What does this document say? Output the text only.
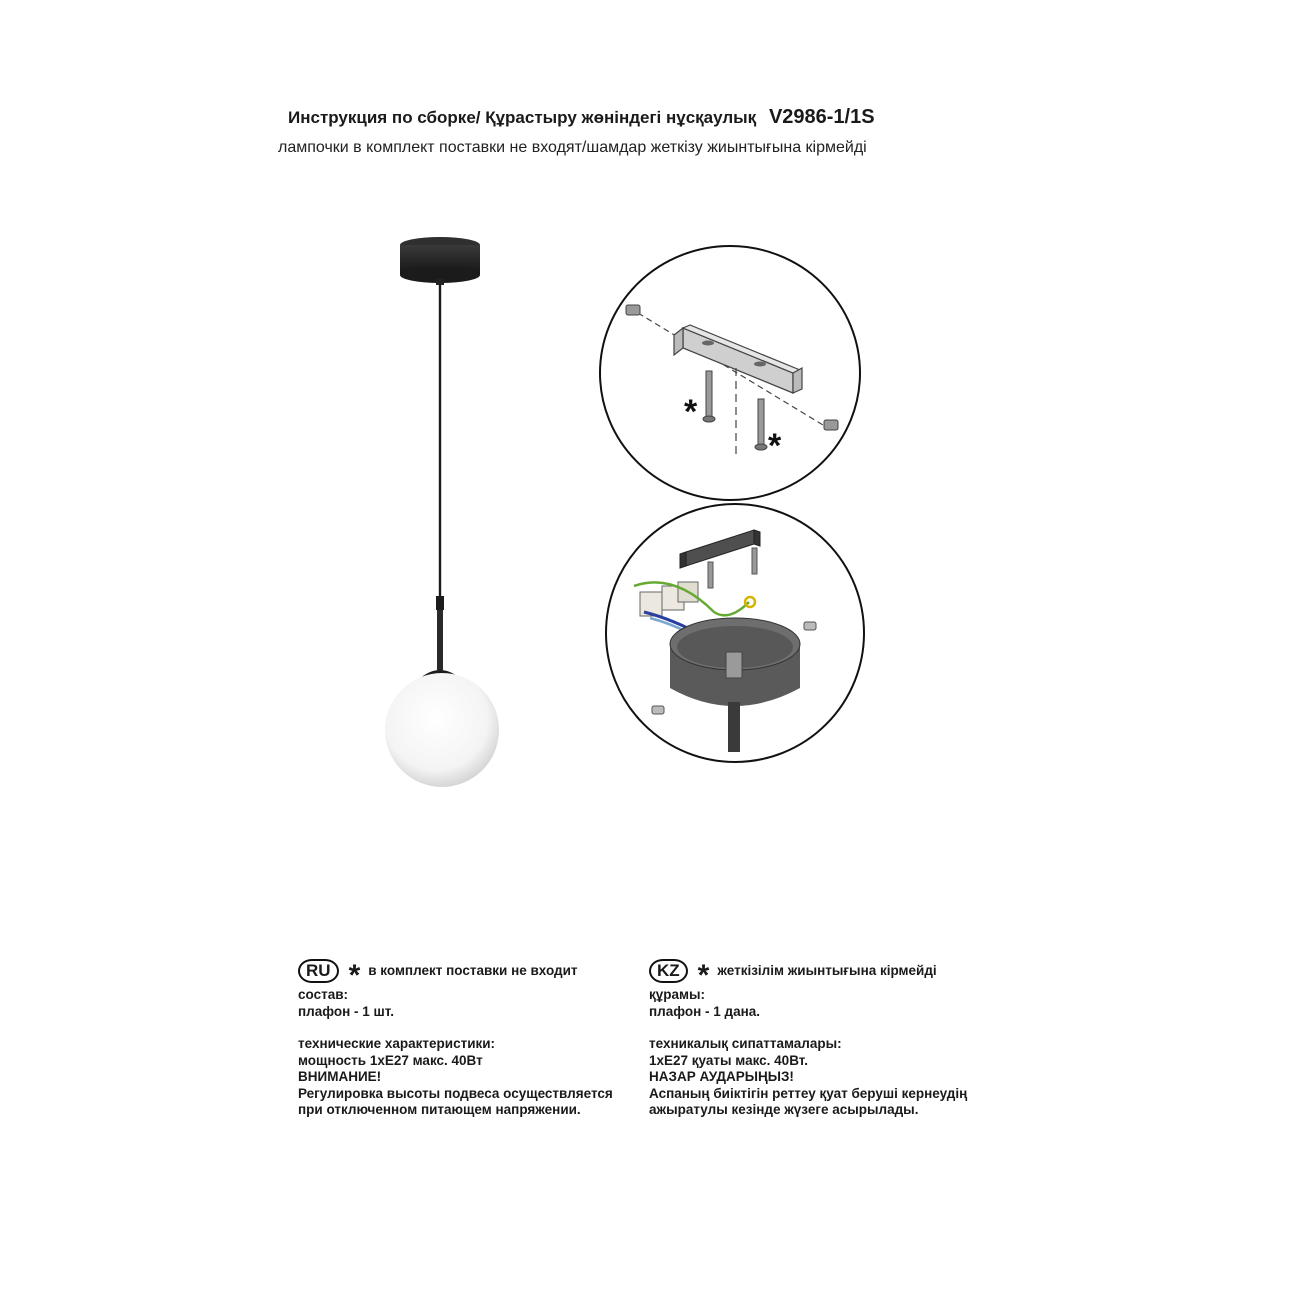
Инструкция по сборке/ Құрастыру жөніндегі нұсқаулық V2986-1/1S
лампочки в комплект поставки не входят/шамдар жеткізу жиынтығына кірмейді
*
*
RU * в комплект поставки не входит
состав:
плафон - 1 шт.
технические характеристики:
мощность 1хE27 макс. 40Вт
ВНИМАНИЕ!
Регулировка высоты подвеса осуществляется
при отключенном питающем напряжении.
KZ * жеткізілім жиынтығына кірмейді
құрамы:
плафон - 1 дана.
техникалық сипаттамалары:
1хE27 қуаты макс. 40Вт.
НАЗАР АУДАРЫҢЫЗ!
Аспаның биіктігін реттеу қуат беруші кернеудің
ажыратулы кезінде жүзеге асырылады.
